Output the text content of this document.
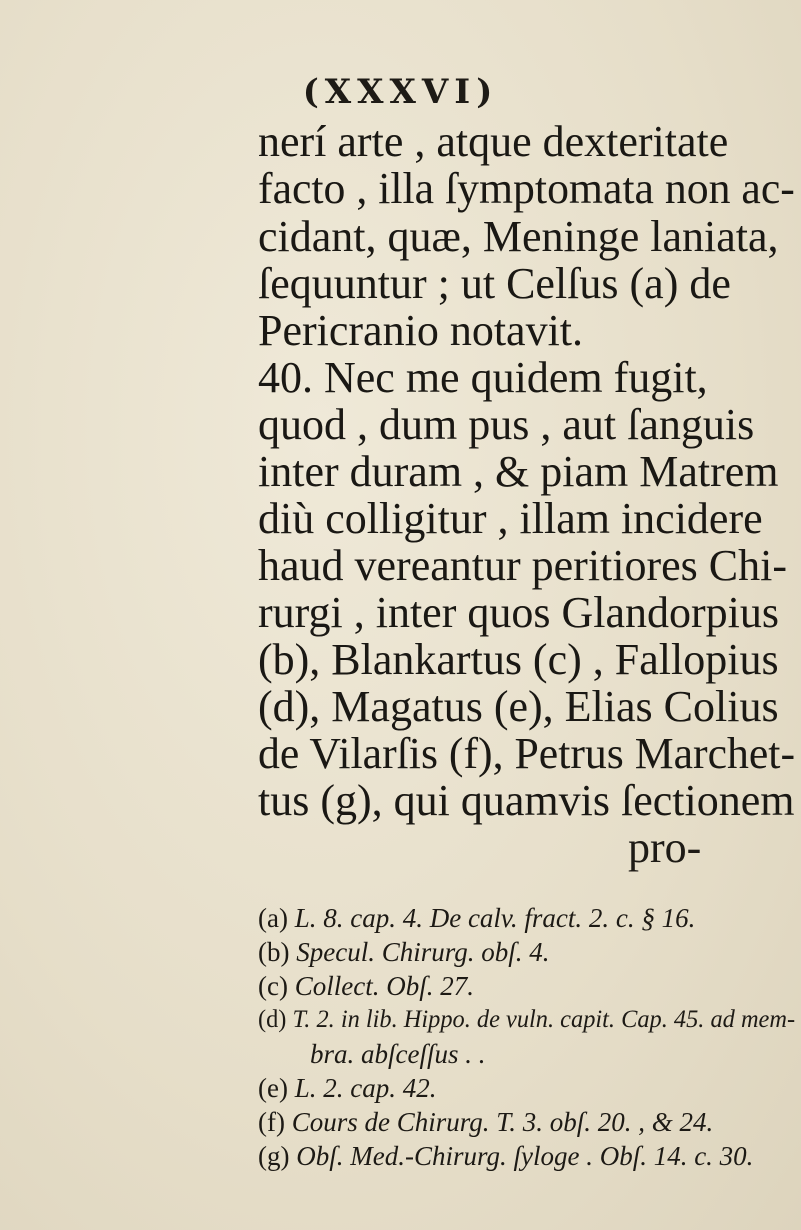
(XXXVI)
nerí arte , atque dexteritate
facto , illa ſymptomata non ac-
cidant, quæ, Meninge laniata,
ſequuntur ; ut Celſus (a) de
Pericranio notavit.
40. Nec me quidem fugit,
quod , dum pus , aut ſanguis
inter duram , & piam Matrem
diù colligitur , illam incidere
haud vereantur peritiores Chi-
rurgi , inter quos Glandorpius
(b), Blankartus (c) , Fallopius
(d), Magatus (e), Elias Colius
de Vilarſis (f), Petrus Marchet-
tus (g), qui quamvis ſectionem
pro-
(a) L. 8. cap. 4. De calv. fract. 2. c. § 16.
(b) Specul. Chirurg. obſ. 4.
(c) Collect. Obſ. 27.
(d) T. 2. in lib. Hippo. de vuln. capit. Cap. 45. ad mem-
bra. abſceſſus . .
(e) L. 2. cap. 42.
(f) Cours de Chirurg. T. 3. obſ. 20. , & 24.
(g) Obſ. Med.-Chirurg. ſyloge . Obſ. 14. c. 30.
